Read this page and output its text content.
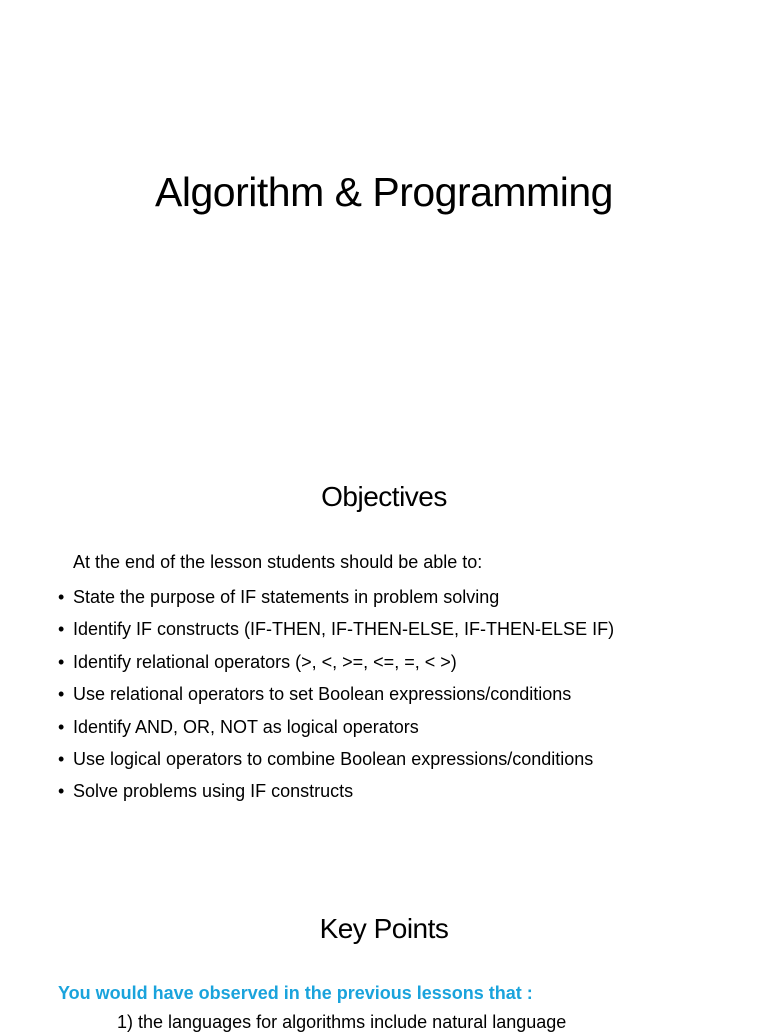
Algorithm & Programming
Objectives

At the end of the lesson students should be able to:

• State the purpose of IF statements in problem solving
• Identify IF constructs (IF-THEN, IF-THEN-ELSE, IF-THEN-ELSE IF)
• Identify relational operators (>, <, >=, <=, =, < >)
• Use relational operators to set Boolean expressions/conditions
• Identify AND, OR, NOT as logical operators
• Use logical operators to combine Boolean expressions/conditions
• Solve problems using IF constructs
Key Points

You would have observed in the previous lessons that :

1) the languages for algorithms include natural language
